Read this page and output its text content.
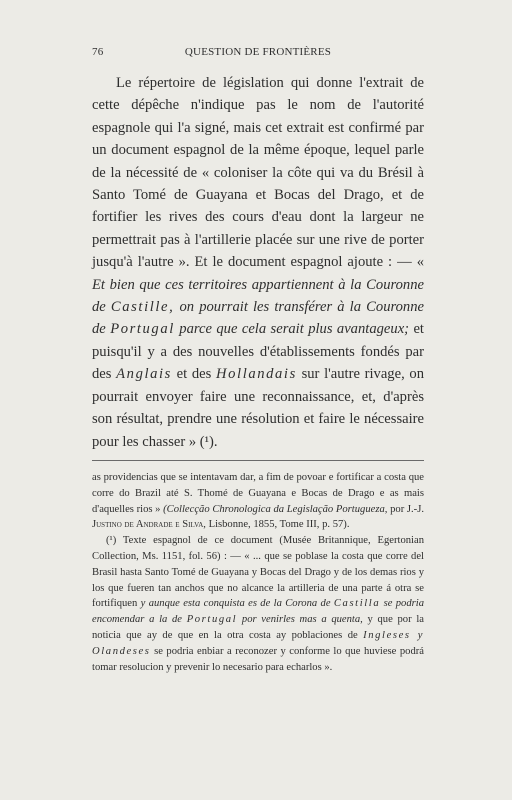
76	QUESTION DE FRONTIÈRES

Le répertoire de législation qui donne l'extrait de cette dépêche n'indique pas le nom de l'autorité espagnole qui l'a signé, mais cet extrait est confirmé par un document espagnol de la même époque, lequel parle de la nécessité de « coloniser la côte qui va du Brésil à Santo Tomé de Guayana et Bocas del Drago, et de fortifier les rives des cours d'eau dont la largeur ne permettrait pas à l'artillerie placée sur une rive de porter jusqu'à l'autre ». Et le document espagnol ajoute : — « Et bien que ces territoires appartiennent à la Couronne de Castille, on pourrait les transférer à la Couronne de Portugal parce que cela serait plus avantageux; et puisqu'il y a des nouvelles d'établissements fondés par des Anglais et des Hollandais sur l'autre rivage, on pourrait envoyer faire une reconnaissance, et, d'après son résultat, prendre une résolution et faire le nécessaire pour les chasser » (¹).

as providencias que se intentavam dar, a fim de povoar e fortificar a costa que corre do Brazil até S. Thomé de Guayana e Bocas de Drago e as mais d'aquelles rios » (Collecção Chronologica da Legislação Portugueza, por J.-J. Justino de Andrade e Silva, Lisbonne, 1855, Tome III, p. 57).

(¹) Texte espagnol de ce document (Musée Britannique, Egertonian Collection, Ms. 1151, fol. 56) : — « ... que se poblase la costa que corre del Brasil hasta Santo Tomé de Guayana y Bocas del Drago y de los demas rios y los que fueren tan anchos que no alcance la artilleria de una parte á otra se fortifiquen y aunque esta conquista es de la Corona de Castilla se podria encomendar a la de Portugal por venirles mas a quenta, y que por la noticia que ay de que en la otra costa ay poblaciones de Ingleses y Olandeses se podria enbiar a reconozer y conforme lo que huviese podrá tomar resolucion y prevenir lo necesario para echarlos ».
